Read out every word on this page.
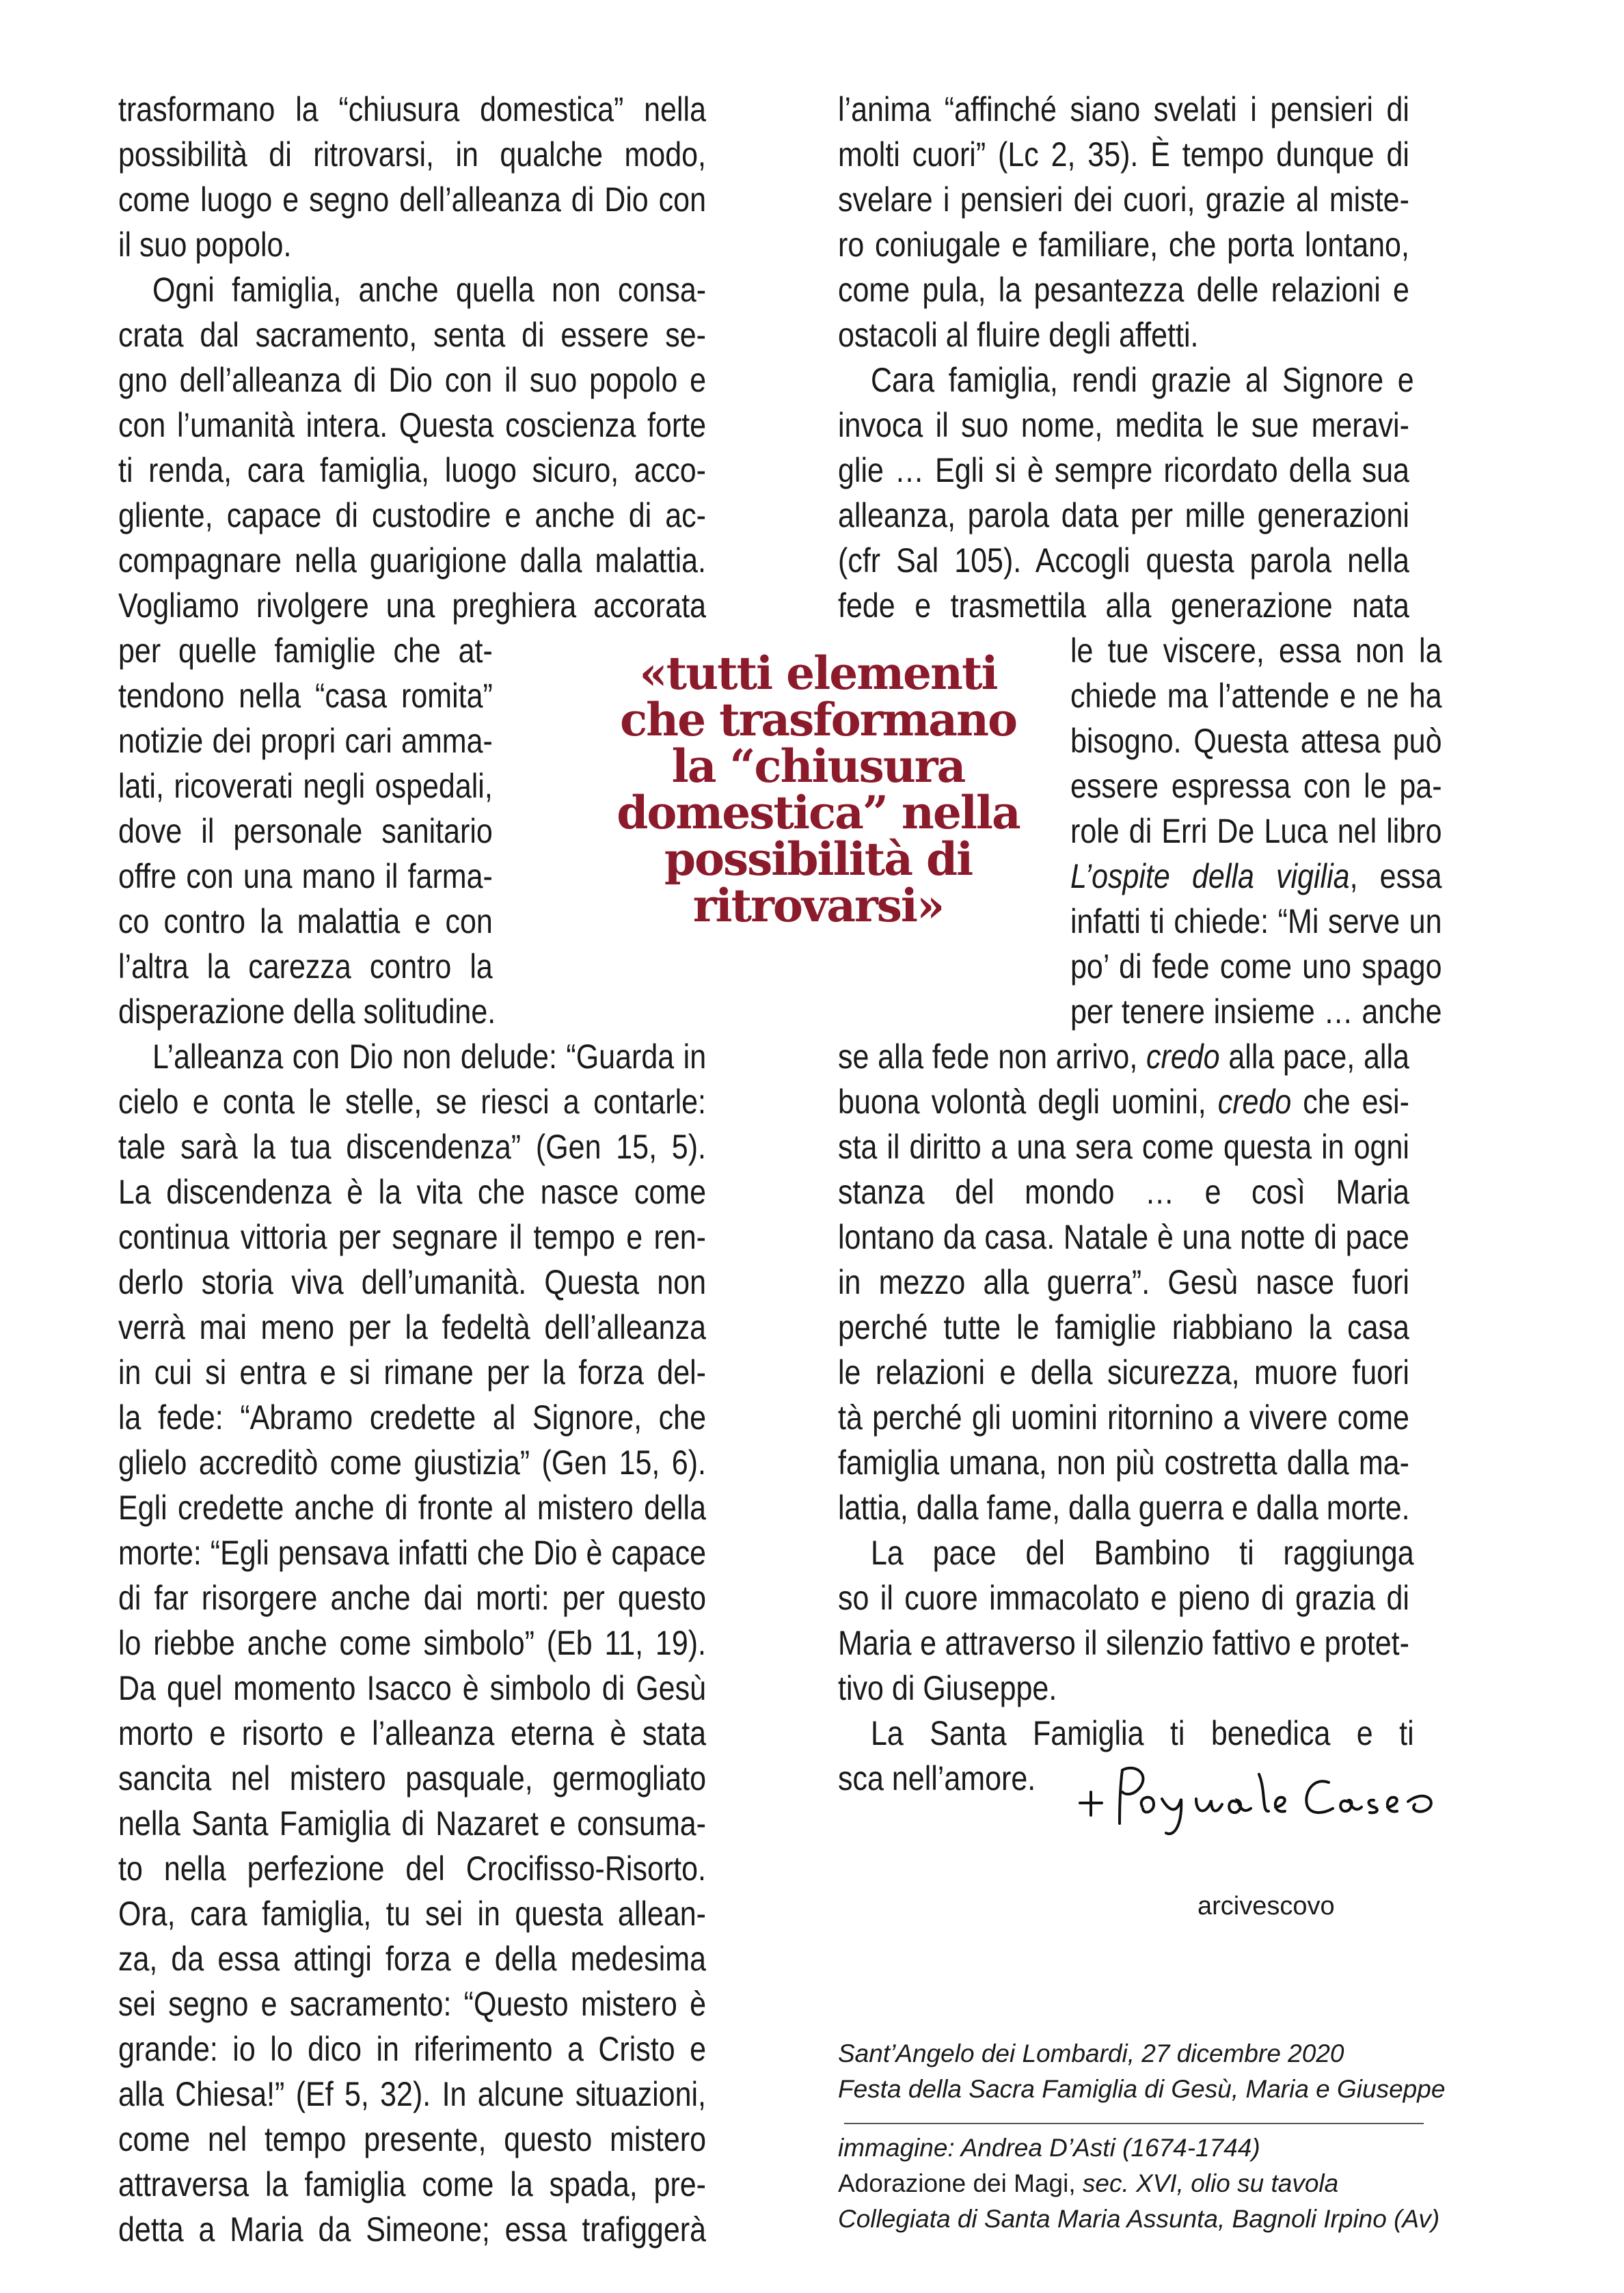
trasformano la “chiusura domestica” nella
possibilità di ritrovarsi, in qualche modo,
come luogo e segno dell’alleanza di Dio con
il suo popolo.
Ogni famiglia, anche quella non consa-
crata dal sacramento, senta di essere se-
gno dell’alleanza di Dio con il suo popolo e
con l’umanità intera. Questa coscienza forte
ti renda, cara famiglia, luogo sicuro, acco-
gliente, capace di custodire e anche di ac-
compagnare nella guarigione dalla malattia.
Vogliamo rivolgere una preghiera accorata
per quelle famiglie che at-
tendono nella “casa romita”
notizie dei propri cari amma-
lati, ricoverati negli ospedali,
dove il personale sanitario
offre con una mano il farma-
co contro la malattia e con
l’altra la carezza contro la
disperazione della solitudine.
L’alleanza con Dio non delude: “Guarda in
cielo e conta le stelle, se riesci a contarle:
tale sarà la tua discendenza” (Gen 15, 5).
La discendenza è la vita che nasce come
continua vittoria per segnare il tempo e ren-
derlo storia viva dell’umanità. Questa non
verrà mai meno per la fedeltà dell’alleanza
in cui si entra e si rimane per la forza del-
la fede: “Abramo credette al Signore, che
glielo accreditò come giustizia” (Gen 15, 6).
Egli credette anche di fronte al mistero della
morte: “Egli pensava infatti che Dio è capace
di far risorgere anche dai morti: per questo
lo riebbe anche come simbolo” (Eb 11, 19).
Da quel momento Isacco è simbolo di Gesù
morto e risorto e l’alleanza eterna è stata
sancita nel mistero pasquale, germogliato
nella Santa Famiglia di Nazaret e consuma-
to nella perfezione del Crocifisso-Risorto.
Ora, cara famiglia, tu sei in questa allean-
za, da essa attingi forza e della medesima
sei segno e sacramento: “Questo mistero è
grande: io lo dico in riferimento a Cristo e
alla Chiesa!” (Ef 5, 32). In alcune situazioni,
come nel tempo presente, questo mistero
attraversa la famiglia come la spada, pre-
detta a Maria da Simeone; essa trafiggerà
«tutti elementi
che trasformano
la “chiusura
domestica” nella
possibilità di
ritrovarsi»
l’anima “affinché siano svelati i pensieri di
molti cuori” (Lc 2, 35). È tempo dunque di
svelare i pensieri dei cuori, grazie al miste-
ro coniugale e familiare, che porta lontano,
come pula, la pesantezza delle relazioni e
ostacoli al fluire degli affetti.
Cara famiglia, rendi grazie al Signore e
invoca il suo nome, medita le sue meravi-
glie … Egli si è sempre ricordato della sua
alleanza, parola data per mille generazioni
(cfr Sal 105). Accogli questa parola nella
fede e trasmettila alla generazione nata
le tue viscere, essa non la
chiede ma l’attende e ne ha
bisogno. Questa attesa può
essere espressa con le pa-
role di Erri De Luca nel libro
L’ospite della vigilia, essa
infatti ti chiede: “Mi serve un
po’ di fede come uno spago
per tenere insieme … anche
se alla fede non arrivo, credo alla pace, alla
buona volontà degli uomini, credo che esi-
sta il diritto a una sera come questa in ogni
stanza del mondo … e così Maria
lontano da casa. Natale è una notte di pace
in mezzo alla guerra”. Gesù nasce fuori
perché tutte le famiglie riabbiano la casa
le relazioni e della sicurezza, muore fuori
tà perché gli uomini ritornino a vivere come
famiglia umana, non più costretta dalla ma-
lattia, dalla fame, dalla guerra e dalla morte.
La pace del Bambino ti raggiunga
so il cuore immacolato e pieno di grazia di
Maria e attraverso il silenzio fattivo e protet-
tivo di Giuseppe.
La Santa Famiglia ti benedica e ti
sca nell’amore.
arcivescovo
Sant’Angelo dei Lombardi, 27 dicembre 2020
Festa della Sacra Famiglia di Gesù, Maria e Giuseppe
immagine: Andrea D’Asti (1674-1744)
Adorazione dei Magi, sec. XVI, olio su tavola
Collegiata di Santa Maria Assunta, Bagnoli Irpino (Av)
